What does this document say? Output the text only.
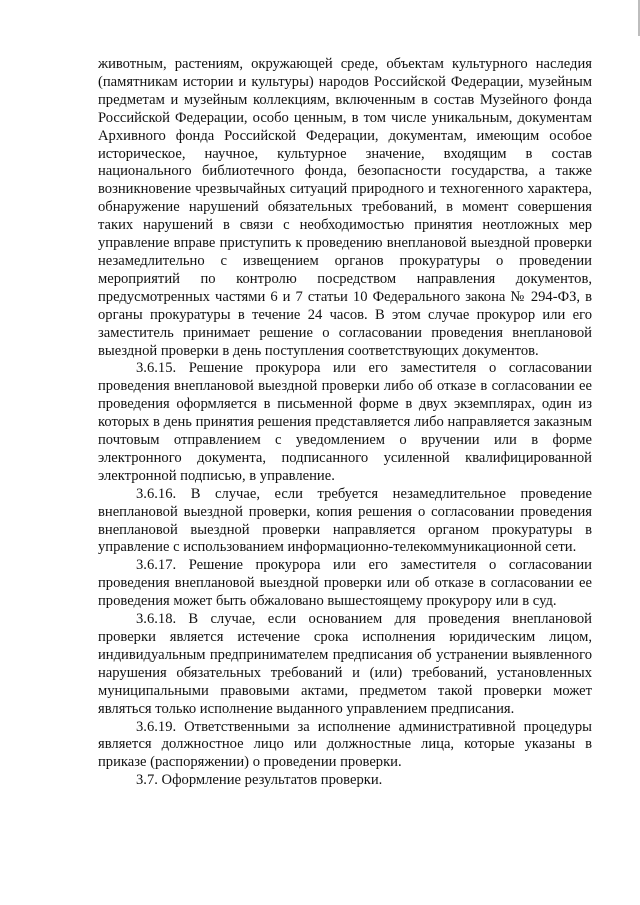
животным, растениям, окружающей среде, объектам культурного наследия (памятникам истории и культуры) народов Российской Федерации, музейным предметам и музейным коллекциям, включенным в состав Музейного фонда Российской Федерации, особо ценным, в том числе уникальным, документам Архивного фонда Российской Федерации, документам, имеющим особое историческое, научное, культурное значение, входящим в состав национального библиотечного фонда, безопасности государства, а также возникновение чрезвычайных ситуаций природного и техногенного характера, обнаружение нарушений обязательных требований, в момент совершения таких нарушений в связи с необходимостью принятия неотложных мер управление вправе приступить к проведению внеплановой выездной проверки незамедлительно с извещением органов прокуратуры о проведении мероприятий по контролю посредством направления документов, предусмотренных частями 6 и 7 статьи 10 Федерального закона № 294-ФЗ, в органы прокуратуры в течение 24 часов. В этом случае прокурор или его заместитель принимает решение о согласовании проведения внеплановой выездной проверки в день поступления соответствующих документов.

3.6.15. Решение прокурора или его заместителя о согласовании проведения внеплановой выездной проверки либо об отказе в согласовании ее проведения оформляется в письменной форме в двух экземплярах, один из которых в день принятия решения представляется либо направляется заказным почтовым отправлением с уведомлением о вручении или в форме электронного документа, подписанного усиленной квалифицированной электронной подписью, в управление.

3.6.16. В случае, если требуется незамедлительное проведение внеплановой выездной проверки, копия решения о согласовании проведения внеплановой выездной проверки направляется органом прокуратуры в управление с использованием информационно-телекоммуникационной сети.

3.6.17. Решение прокурора или его заместителя о согласовании проведения внеплановой выездной проверки или об отказе в согласовании ее проведения может быть обжаловано вышестоящему прокурору или в суд.

3.6.18. В случае, если основанием для проведения внеплановой проверки является истечение срока исполнения юридическим лицом, индивидуальным предпринимателем предписания об устранении выявленного нарушения обязательных требований и (или) требований, установленных муниципальными правовыми актами, предметом такой проверки может являться только исполнение выданного управлением предписания.

3.6.19. Ответственными за исполнение административной процедуры является должностное лицо или должностные лица, которые указаны в приказе (распоряжении) о проведении проверки.

3.7. Оформление результатов проверки.
